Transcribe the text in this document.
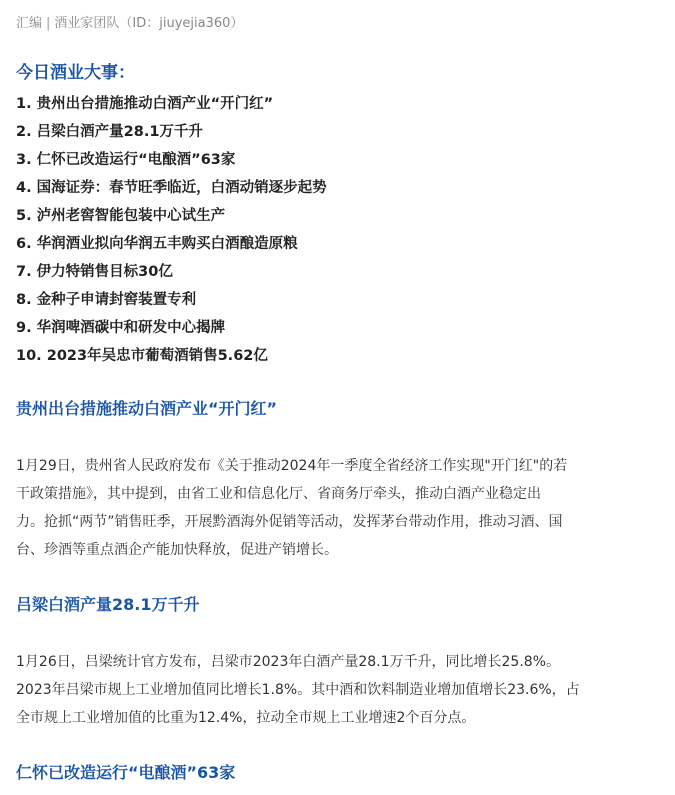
汇编 | 酒业家团队（ID：jiuyejia360）
今日酒业大事：
1. 贵州出台措施推动白酒产业“开门红”
2. 吕梁白酒产量28.1万千升
3. 仁怀已改造运行“电酿酒”63家
4. 国海证券：春节旺季临近，白酒动销逐步起势
5. 泸州老窖智能包装中心试生产
6. 华润酒业拟向华润五丰购买白酒酿造原粮
7. 伊力特销售目标30亿
8. 金种子申请封窖装置专利
9. 华润啤酒碳中和研发中心揭牌
10. 2023年吴忠市葡萄酒销售5.62亿
贵州出台措施推动白酒产业“开门红”

1月29日，贵州省人民政府发布《关于推动2024年一季度全省经济工作实现"开门红"的若
干政策措施》，其中提到，由省工业和信息化厅、省商务厅牵头，推动白酒产业稳定出
力。抢抓“两节”销售旺季，开展黔酒海外促销等活动，发挥茅台带动作用，推动习酒、国
台、珍酒等重点酒企产能加快释放，促进产销增长。

吕梁白酒产量28.1万千升

1月26日，吕梁统计官方发布，吕梁市2023年白酒产量28.1万千升，同比增长25.8%。
2023年吕梁市规上工业增加值同比增长1.8%。其中酒和饮料制造业增加值增长23.6%，占
全市规上工业增加值的比重为12.4%，拉动全市规上工业增速2个百分点。

仁怀已改造运行“电酿酒”63家
